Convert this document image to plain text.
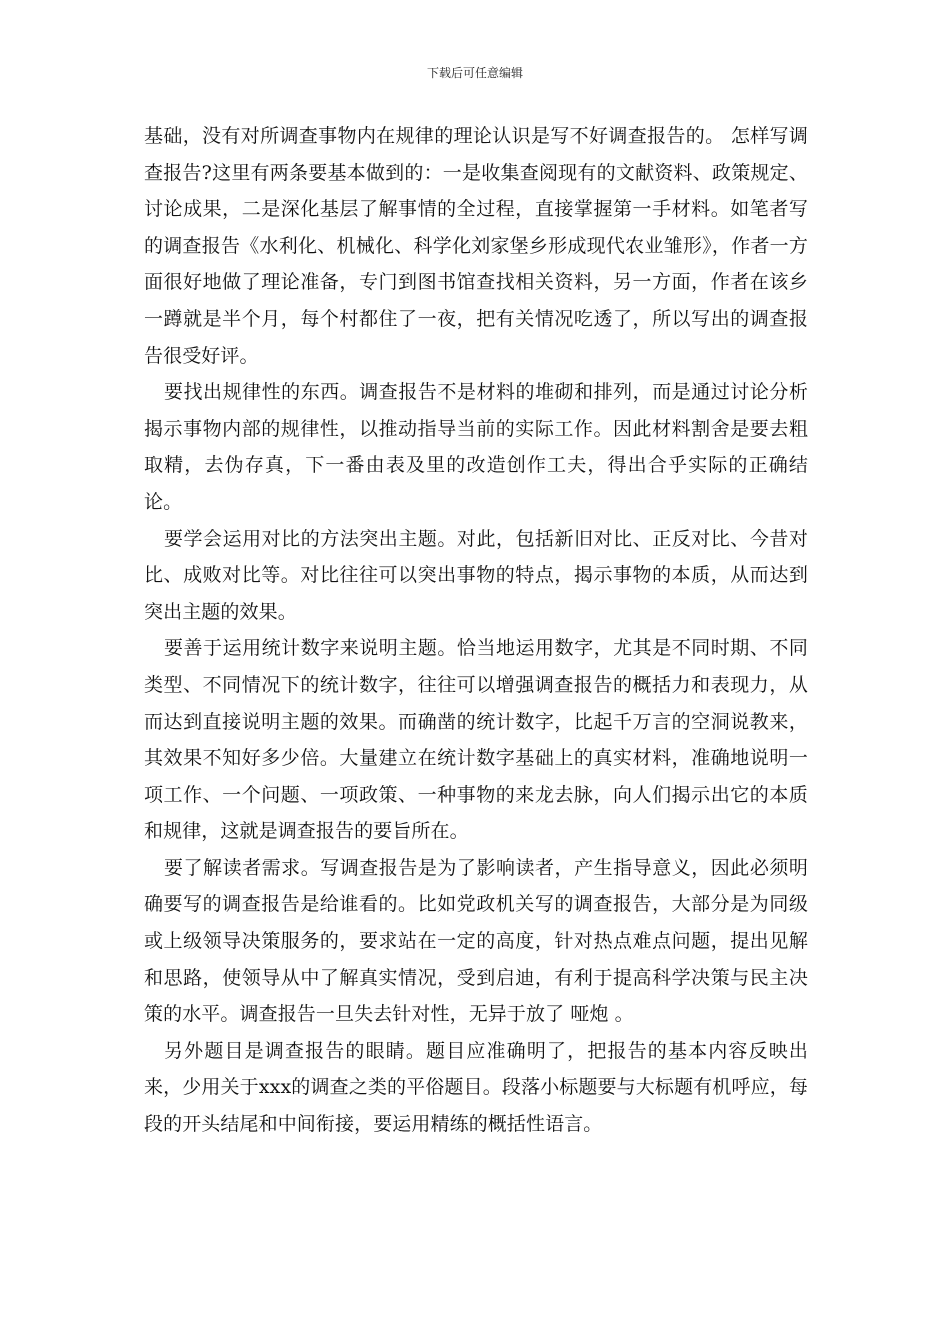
下载后可任意编辑

基础，没有对所调查事物内在规律的理论认识是写不好调查报告的。 怎样写调查报告?这里有两条要基本做到的：一是收集查阅现有的文献资料、政策规定、讨论成果，二是深化基层了解事情的全过程，直接掌握第一手材料。如笔者写的调查报告《水利化、机械化、科学化刘家堡乡形成现代农业雏形》，作者一方面很好地做了理论准备，专门到图书馆查找相关资料，另一方面，作者在该乡一蹲就是半个月，每个村都住了一夜，把有关情况吃透了，所以写出的调查报告很受好评。

要找出规律性的东西。调查报告不是材料的堆砌和排列，而是通过讨论分析揭示事物内部的规律性，以推动指导当前的实际工作。因此材料割舍是要去粗取精，去伪存真，下一番由表及里的改造创作工夫，得出合乎实际的正确结论。

要学会运用对比的方法突出主题。对此，包括新旧对比、正反对比、今昔对比、成败对比等。对比往往可以突出事物的特点，揭示事物的本质，从而达到突出主题的效果。

要善于运用统计数字来说明主题。恰当地运用数字，尤其是不同时期、不同类型、不同情况下的统计数字，往往可以增强调查报告的概括力和表现力，从而达到直接说明主题的效果。而确凿的统计数字，比起千万言的空洞说教来，其效果不知好多少倍。大量建立在统计数字基础上的真实材料，准确地说明一项工作、一个问题、一项政策、一种事物的来龙去脉，向人们揭示出它的本质和规律，这就是调查报告的要旨所在。

要了解读者需求。写调查报告是为了影响读者，产生指导意义，因此必须明确要写的调查报告是给谁看的。比如党政机关写的调查报告，大部分是为同级或上级领导决策服务的，要求站在一定的高度，针对热点难点问题，提出见解和思路，使领导从中了解真实情况，受到启迪，有利于提高科学决策与民主决策的水平。调查报告一旦失去针对性，无异于放了 哑炮 。

另外题目是调查报告的眼睛。题目应准确明了，把报告的基本内容反映出来，少用关于xxx的调查之类的平俗题目。段落小标题要与大标题有机呼应，每段的开头结尾和中间衔接，要运用精练的概括性语言。
